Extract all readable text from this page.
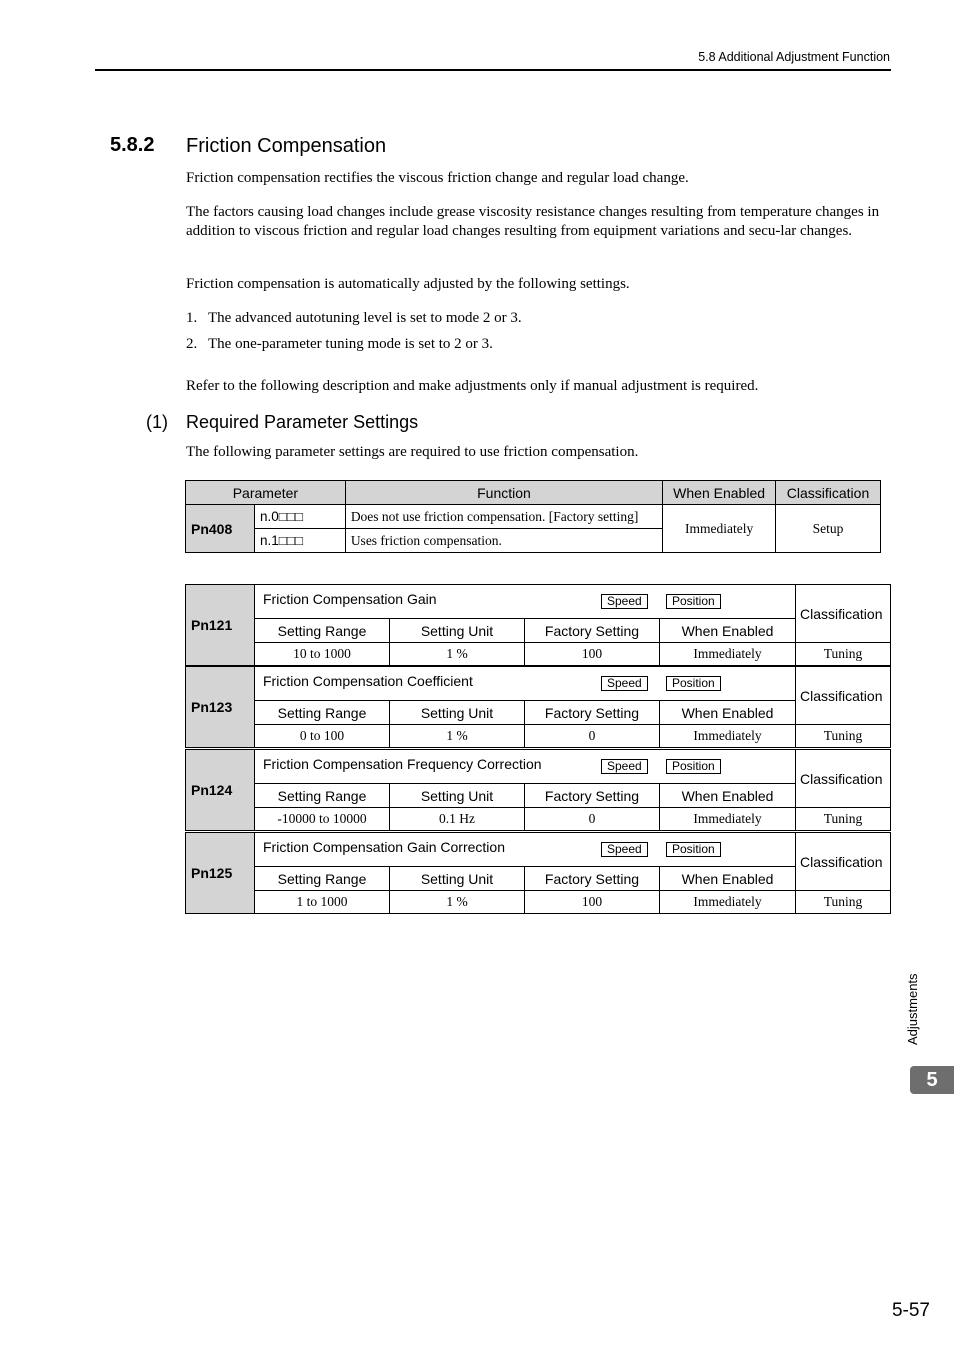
5.8 Additional Adjustment Function
5.8.2 Friction Compensation
Friction compensation rectifies the viscous friction change and regular load change.
The factors causing load changes include grease viscosity resistance changes resulting from temperature changes in addition to viscous friction and regular load changes resulting from equipment variations and secu-lar changes.
Friction compensation is automatically adjusted by the following settings.
1. The advanced autotuning level is set to mode 2 or 3.
2. The one-parameter tuning mode is set to 2 or 3.
Refer to the following description and make adjustments only if manual adjustment is required.
(1) Required Parameter Settings
The following parameter settings are required to use friction compensation.
Parameter		Function	When Enabled	Classification
Pn408	n.0□□□	Does not use friction compensation. [Factory setting]	Immediately	Setup
	n.1□□□	Uses friction compensation.		
Pn121	Friction Compensation Gain Speed Position				Classification
	Setting Range	Setting Unit	Factory Setting	When Enabled	
	10 to 1000	1 %	100	Immediately	Tuning
Pn123	Friction Compensation Coefficient Speed Position				Classification
	Setting Range	Setting Unit	Factory Setting	When Enabled	
	0 to 100	1 %	0	Immediately	Tuning
Pn124	Friction Compensation Frequency Correction Speed Position				Classification
	Setting Range	Setting Unit	Factory Setting	When Enabled	
	-10000 to 10000	0.1 Hz	0	Immediately	Tuning
Pn125	Friction Compensation Gain Correction Speed Position				Classification
	Setting Range	Setting Unit	Factory Setting	When Enabled	
	1 to 1000	1 %	100	Immediately	Tuning
Adjustments
5
5-57
